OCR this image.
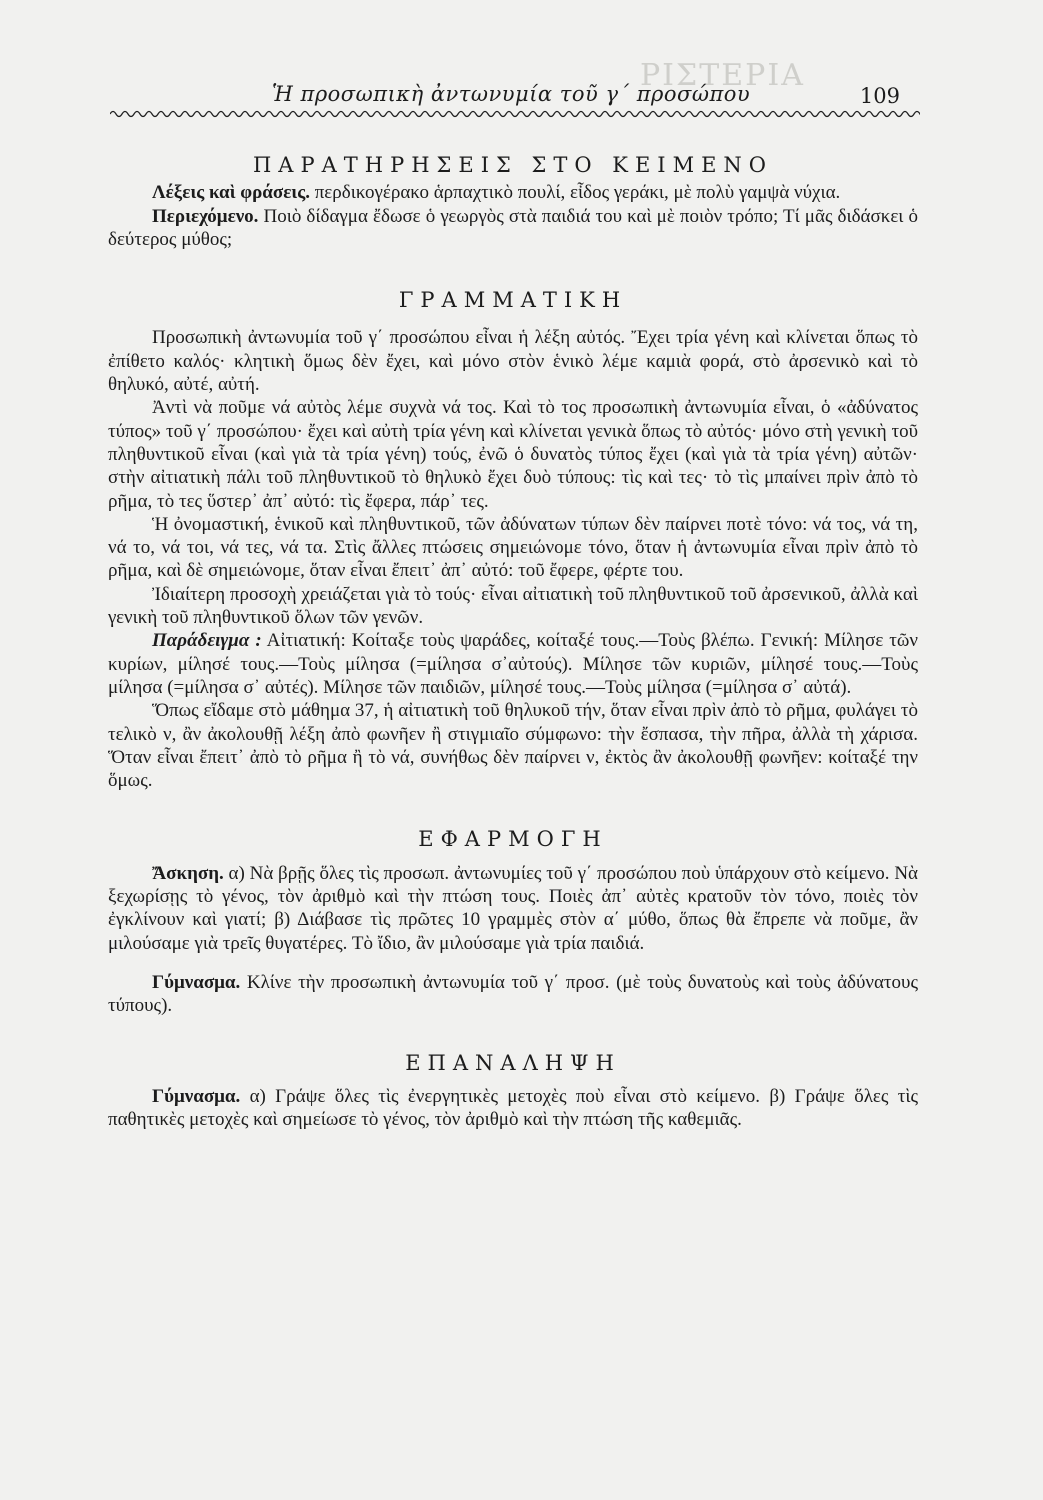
ΡΙΣΤΕΡΙΑ
Ἡ προσωπικὴ ἀντωνυμία τοῦ γ΄ προσώπου	109
ΠΑΡΑΤΗΡΗΣΕΙΣ ΣΤΟ ΚΕΙΜΕΝΟ

Λέξεις καὶ φράσεις. περδικογέρακο ἁρπαχτικὸ πουλί, εἶδος γεράκι, μὲ πολὺ γαμψὰ νύχια.

Περιεχόμενο. Ποιὸ δίδαγμα ἔδωσε ὁ γεωργὸς στὰ παιδιά του καὶ μὲ ποιὸν τρόπο; Τί μᾶς διδάσκει ὁ δεύτερος μύθος;

ΓΡΑΜΜΑΤΙΚΗ

Προσωπικὴ ἀντωνυμία τοῦ γ΄ προσώπου εἶναι ἡ λέξη αὐτός. Ἔχει τρία γένη καὶ κλίνεται ὅπως τὸ ἐπίθετο καλός· κλητικὴ ὅμως δὲν ἔχει, καὶ μόνο στὸν ἑνικὸ λέμε καμιὰ φορά, στὸ ἀρσενικὸ καὶ τὸ θηλυκό, αὐτέ, αὐτή.

Ἀντὶ νὰ ποῦμε νά αὐτὸς λέμε συχνὰ νά τος. Καὶ τὸ τος προσωπικὴ ἀντωνυμία εἶναι, ὁ «ἀδύνατος τύπος» τοῦ γ΄ προσώπου· ἔχει καὶ αὐτὴ τρία γένη καὶ κλίνεται γενικὰ ὅπως τὸ αὐτός· μόνο στὴ γενικὴ τοῦ πληθυντικοῦ εἶναι (καὶ γιὰ τὰ τρία γένη) τούς, ἐνῶ ὁ δυνατὸς τύπος ἔχει (καὶ γιὰ τὰ τρία γένη) αὐτῶν· στὴν αἰτιατικὴ πάλι τοῦ πληθυντικοῦ τὸ θηλυκὸ ἔχει δυὸ τύπους: τὶς καὶ τες· τὸ τὶς μπαίνει πρὶν ἀπὸ τὸ ρῆμα, τὸ τες ὕστερ᾿ ἀπ᾿ αὐτό: τὶς ἔφερα, πάρ᾿ τες.

Ἡ ὀνομαστική, ἑνικοῦ καὶ πληθυντικοῦ, τῶν ἀδύνατων τύπων δὲν παίρνει ποτὲ τόνο: νά τος, νά τη, νά το, νά τοι, νά τες, νά τα. Στὶς ἄλλες πτώσεις σημειώνομε τόνο, ὅταν ἡ ἀντωνυμία εἶναι πρὶν ἀπὸ τὸ ρῆμα, καὶ δὲ σημειώνομε, ὅταν εἶναι ἔπειτ᾿ ἀπ᾿ αὐτό: τοῦ ἔφερε, φέρτε του.

Ἰδιαίτερη προσοχὴ χρειάζεται γιὰ τὸ τούς· εἶναι αἰτιατικὴ τοῦ πληθυντικοῦ τοῦ ἀρσενικοῦ, ἀλλὰ καὶ γενικὴ τοῦ πληθυντικοῦ ὅλων τῶν γενῶν.

Παράδειγμα : Αἰτιατική: Κοίταξε τοὺς ψαράδες, κοίταξέ τους.—Τοὺς βλέπω. Γενική: Μίλησε τῶν κυρίων, μίλησέ τους.—Τοὺς μίλησα (=μίλησα σ᾿αὐτούς). Μίλησε τῶν κυριῶν, μίλησέ τους.—Τοὺς μίλησα (=μίλησα σ᾿ αὐτές). Μίλησε τῶν παιδιῶν, μίλησέ τους.—Τοὺς μίλησα (=μίλησα σ᾿ αὐτά).

Ὅπως εἴδαμε στὸ μάθημα 37, ἡ αἰτιατικὴ τοῦ θηλυκοῦ τήν, ὅταν εἶναι πρὶν ἀπὸ τὸ ρῆμα, φυλάγει τὸ τελικὸ ν, ἂν ἀκολουθῇ λέξη ἀπὸ φωνῆεν ἢ στιγμιαῖο σύμφωνο: τὴν ἔσπασα, τὴν πῆρα, ἀλλὰ τὴ χάρισα. Ὅταν εἶναι ἔπειτ᾿ ἀπὸ τὸ ρῆμα ἢ τὸ νά, συνήθως δὲν παίρνει ν, ἐκτὸς ἂν ἀκολουθῇ φωνῆεν: κοίταξέ την ὅμως.

ΕΦΑΡΜΟΓΗ

Ἄσκηση. α) Νὰ βρῇς ὅλες τὶς προσωπ. ἀντωνυμίες τοῦ γ΄ προσώπου ποὺ ὑπάρχουν στὸ κείμενο. Νὰ ξεχωρίσῃς τὸ γένος, τὸν ἀριθμὸ καὶ τὴν πτώση τους. Ποιὲς ἀπ᾿ αὐτὲς κρατοῦν τὸν τόνο, ποιὲς τὸν ἐγκλίνουν καὶ γιατί; β) Διάβασε τὶς πρῶτες 10 γραμμὲς στὸν α΄ μύθο, ὅπως θὰ ἔπρεπε νὰ ποῦμε, ἂν μιλούσαμε γιὰ τρεῖς θυγατέρες. Τὸ ἴδιο, ἂν μιλούσαμε γιὰ τρία παιδιά.

Γύμνασμα. Κλίνε τὴν προσωπικὴ ἀντωνυμία τοῦ γ΄ προσ. (μὲ τοὺς δυνατοὺς καὶ τοὺς ἀδύνατους τύπους).

ΕΠΑΝΑΛΗΨΗ

Γύμνασμα. α) Γράψε ὅλες τὶς ἐνεργητικὲς μετοχὲς ποὺ εἶναι στὸ κείμενο. β) Γράψε ὅλες τὶς παθητικὲς μετοχὲς καὶ σημείωσε τὸ γένος, τὸν ἀριθμὸ καὶ τὴν πτώση τῆς καθεμιᾶς.
